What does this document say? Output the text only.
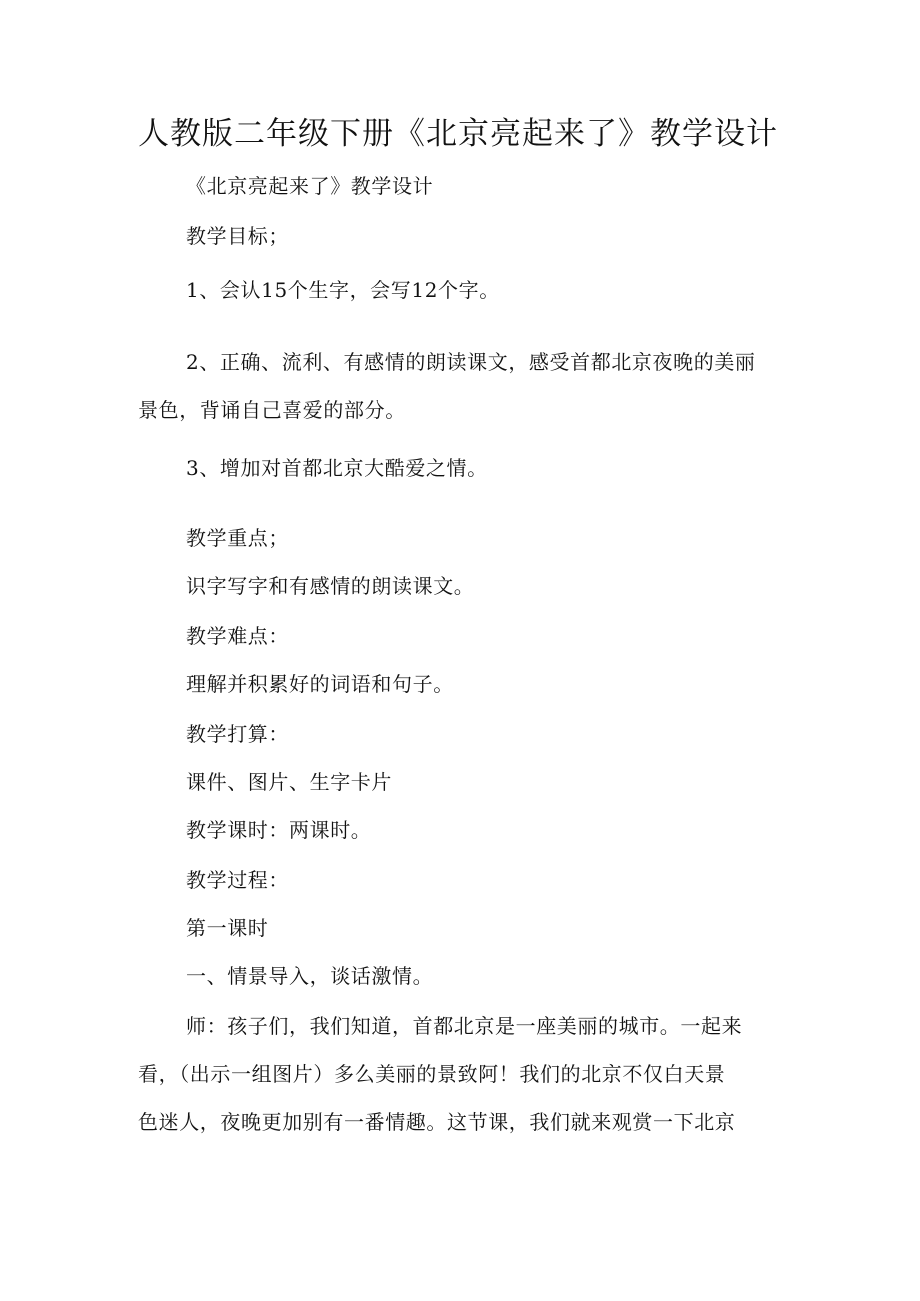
人教版二年级下册《北京亮起来了》教学设计
《北京亮起来了》教学设计
教学目标；
1、会认15个生字，会写12个字。
2、正确、流利、有感情的朗读课文，感受首都北京夜晚的美丽
景色，背诵自己喜爱的部分。
3、增加对首都北京大酷爱之情。
教学重点；
识字写字和有感情的朗读课文。
教学难点：
理解并积累好的词语和句子。
教学打算：
课件、图片、生字卡片
教学课时：两课时。
教学过程：
第一课时
一、情景导入，谈话激情。
师：孩子们，我们知道，首都北京是一座美丽的城市。一起来
看，（出示一组图片）多么美丽的景致阿！我们的北京不仅白天景
色迷人，夜晚更加别有一番情趣。这节课，我们就来观赏一下北京
